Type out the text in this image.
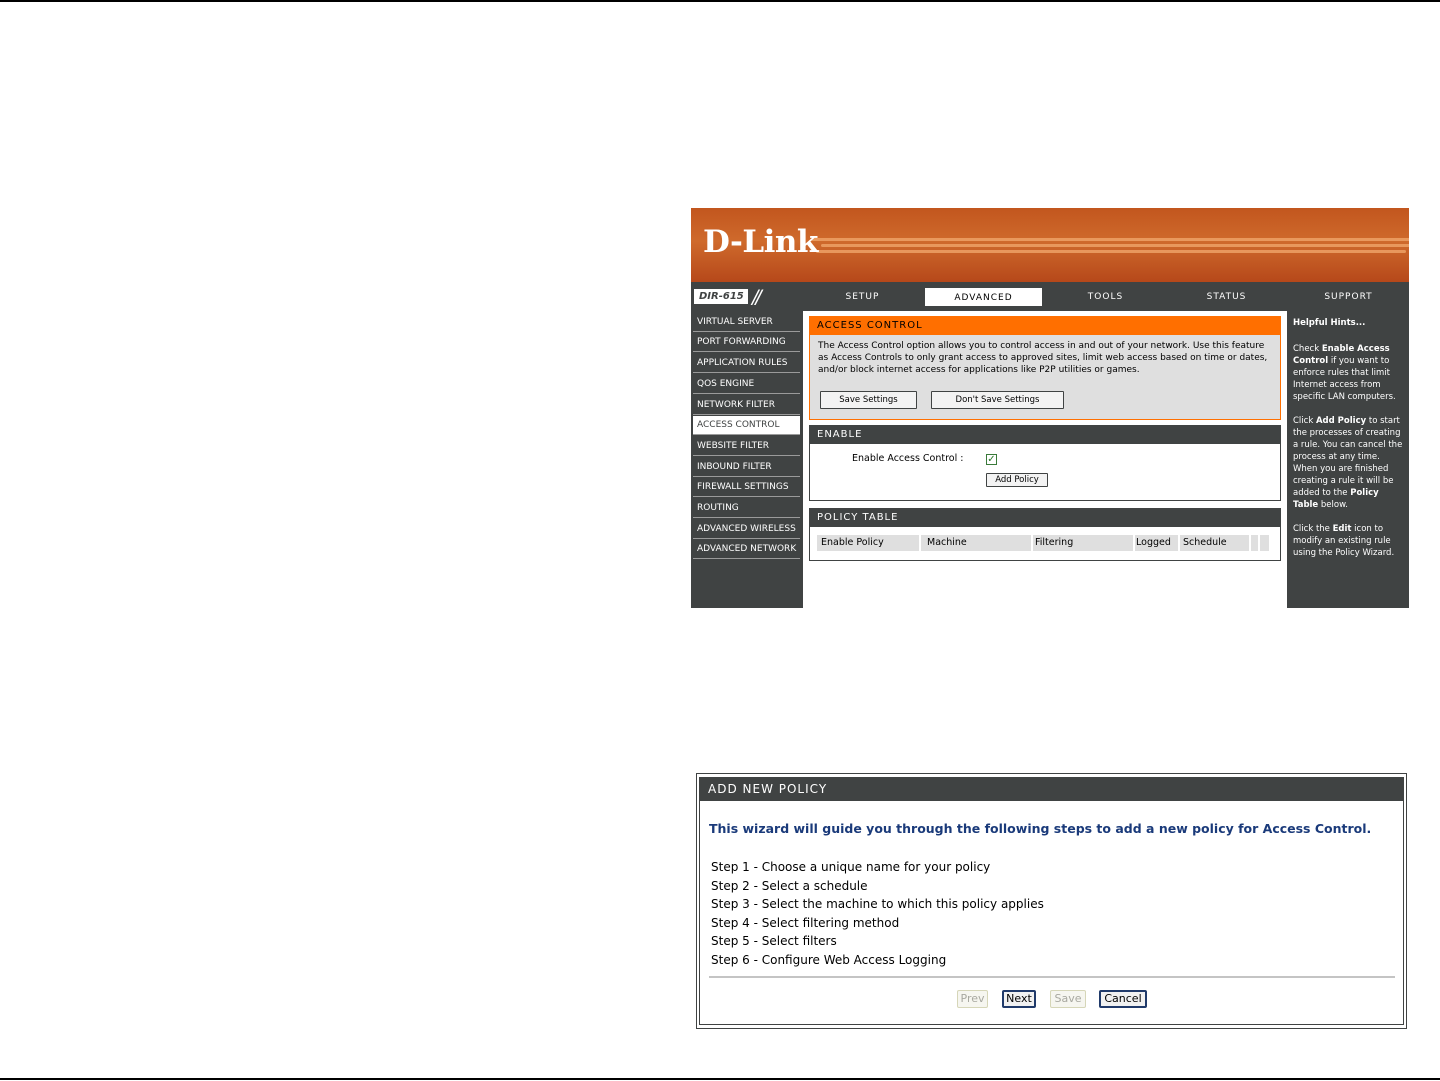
D-Link
DIR-615 //	SETUP	ADVANCED	TOOLS	STATUS	SUPPORT
VIRTUAL SERVER
PORT FORWARDING
APPLICATION RULES
QOS ENGINE
NETWORK FILTER
ACCESS CONTROL
WEBSITE FILTER
INBOUND FILTER
FIREWALL SETTINGS
ROUTING
ADVANCED WIRELESS
ADVANCED NETWORK
ACCESS CONTROL
The Access Control option allows you to control access in and out of your network. Use this feature as Access Controls to only grant access to approved sites, limit web access based on time or dates, and/or block internet access for applications like P2P utilities or games.
Save Settings	Don't Save Settings
ENABLE
Enable Access Control : ✓
Add Policy
POLICY TABLE
Enable Policy	Machine	Filtering	Logged Schedule
Helpful Hints...

Check Enable Access Control if you want to enforce rules that limit Internet access from specific LAN computers.

Click Add Policy to start the processes of creating a rule. You can cancel the process at any time. When you are finished creating a rule it will be added to the Policy Table below.

Click the Edit icon to modify an existing rule using the Policy Wizard.

ADD NEW POLICY
This wizard will guide you through the following steps to add a new policy for Access Control.
Step 1 - Choose a unique name for your policy
Step 2 - Select a schedule
Step 3 - Select the machine to which this policy applies
Step 4 - Select filtering method
Step 5 - Select filters
Step 6 - Configure Web Access Logging
Prev	Next	Save	Cancel
